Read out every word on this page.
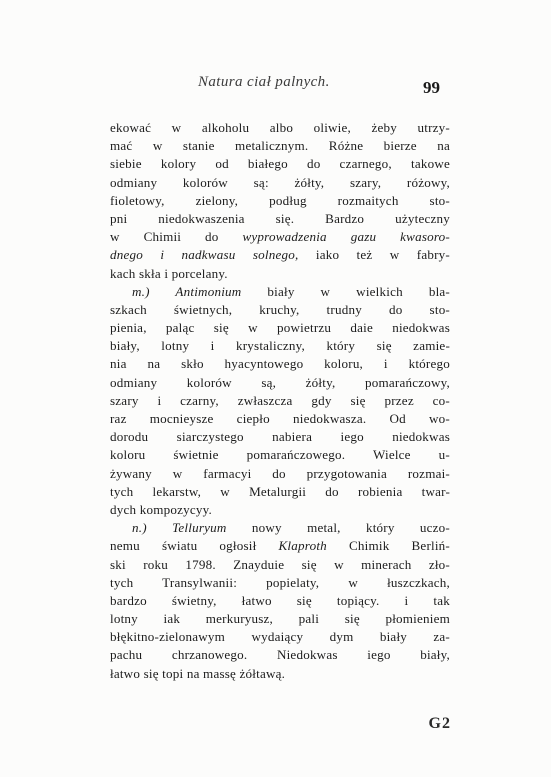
Natura ciał palnych.	99
ekować w alkoholu albo oliwie, żeby utrzy-
mać w stanie metalicznym. Różne bierze na
siebie kolory od białego do czarnego, takowe
odmiany kolorów są: żółty, szary, różowy,
fioletowy, zielony, podług rozmaitych sto-
pni niedokwaszenia się. Bardzo użyteczny
w Chimii do wyprowadzenia gazu kwasoro-
dnego i nadkwasu solnego, iako też w fabry-
kach skła i porcelany.
m.) Antimonium biały w wielkich bla-
szkach świetnych, kruchy, trudny do sto-
pienia, paląc się w powietrzu daie niedokwas
biały, lotny i krystaliczny, który się zamie-
nia na skło hyacyntowego koloru, i którego
odmiany kolorów są, żółty, pomarańczowy,
szary i czarny, zwłaszcza gdy się przez co-
raz mocnieysze ciepło niedokwasza. Od wo-
dorodu siarczystego nabiera iego niedokwas
koloru świetnie pomarańczowego. Wielce u-
żywany w farmacyi do przygotowania rozmai-
tych lekarstw, w Metalurgii do robienia twar-
dych kompozycyy.
n.) Telluryum nowy metal, który uczo-
nemu światu ogłosił Klaproth Chimik Berliń-
ski roku 1798. Znayduie się w minerach zło-
tych Transylwanii: popielaty, w łuszczkach,
bardzo świetny, łatwo się topiący. i tak
lotny iak merkuryusz, pali się płomieniem
błękitno-zielonawym wydaiący dym biały za-
pachu chrzanowego. Niedokwas iego biały,
łatwo się topi na massę żółtawą.
G2
